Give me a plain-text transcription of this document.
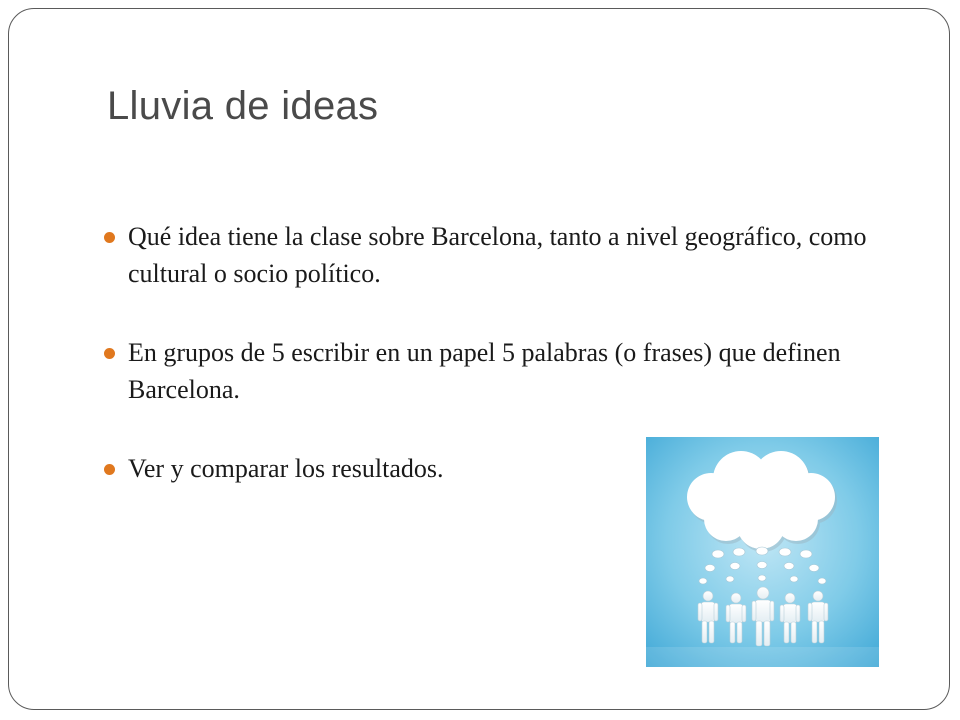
Lluvia de ideas
Qué idea tiene la clase sobre Barcelona, tanto a nivel geográfico, como cultural o socio político.
En grupos de 5 escribir en un papel 5 palabras (o frases) que definen Barcelona.
Ver y comparar los resultados.
